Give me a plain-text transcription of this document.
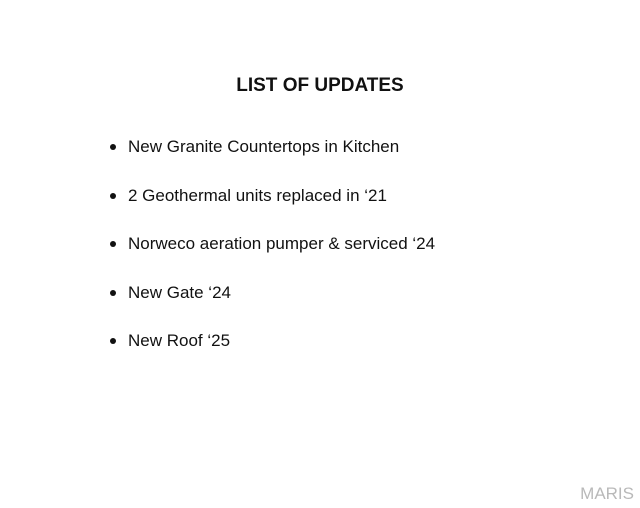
LIST OF UPDATES
New Granite Countertops in Kitchen
2 Geothermal units replaced in ‘21
Norweco aeration pumper & serviced ‘24
New Gate ‘24
New Roof ‘25
MARIS
